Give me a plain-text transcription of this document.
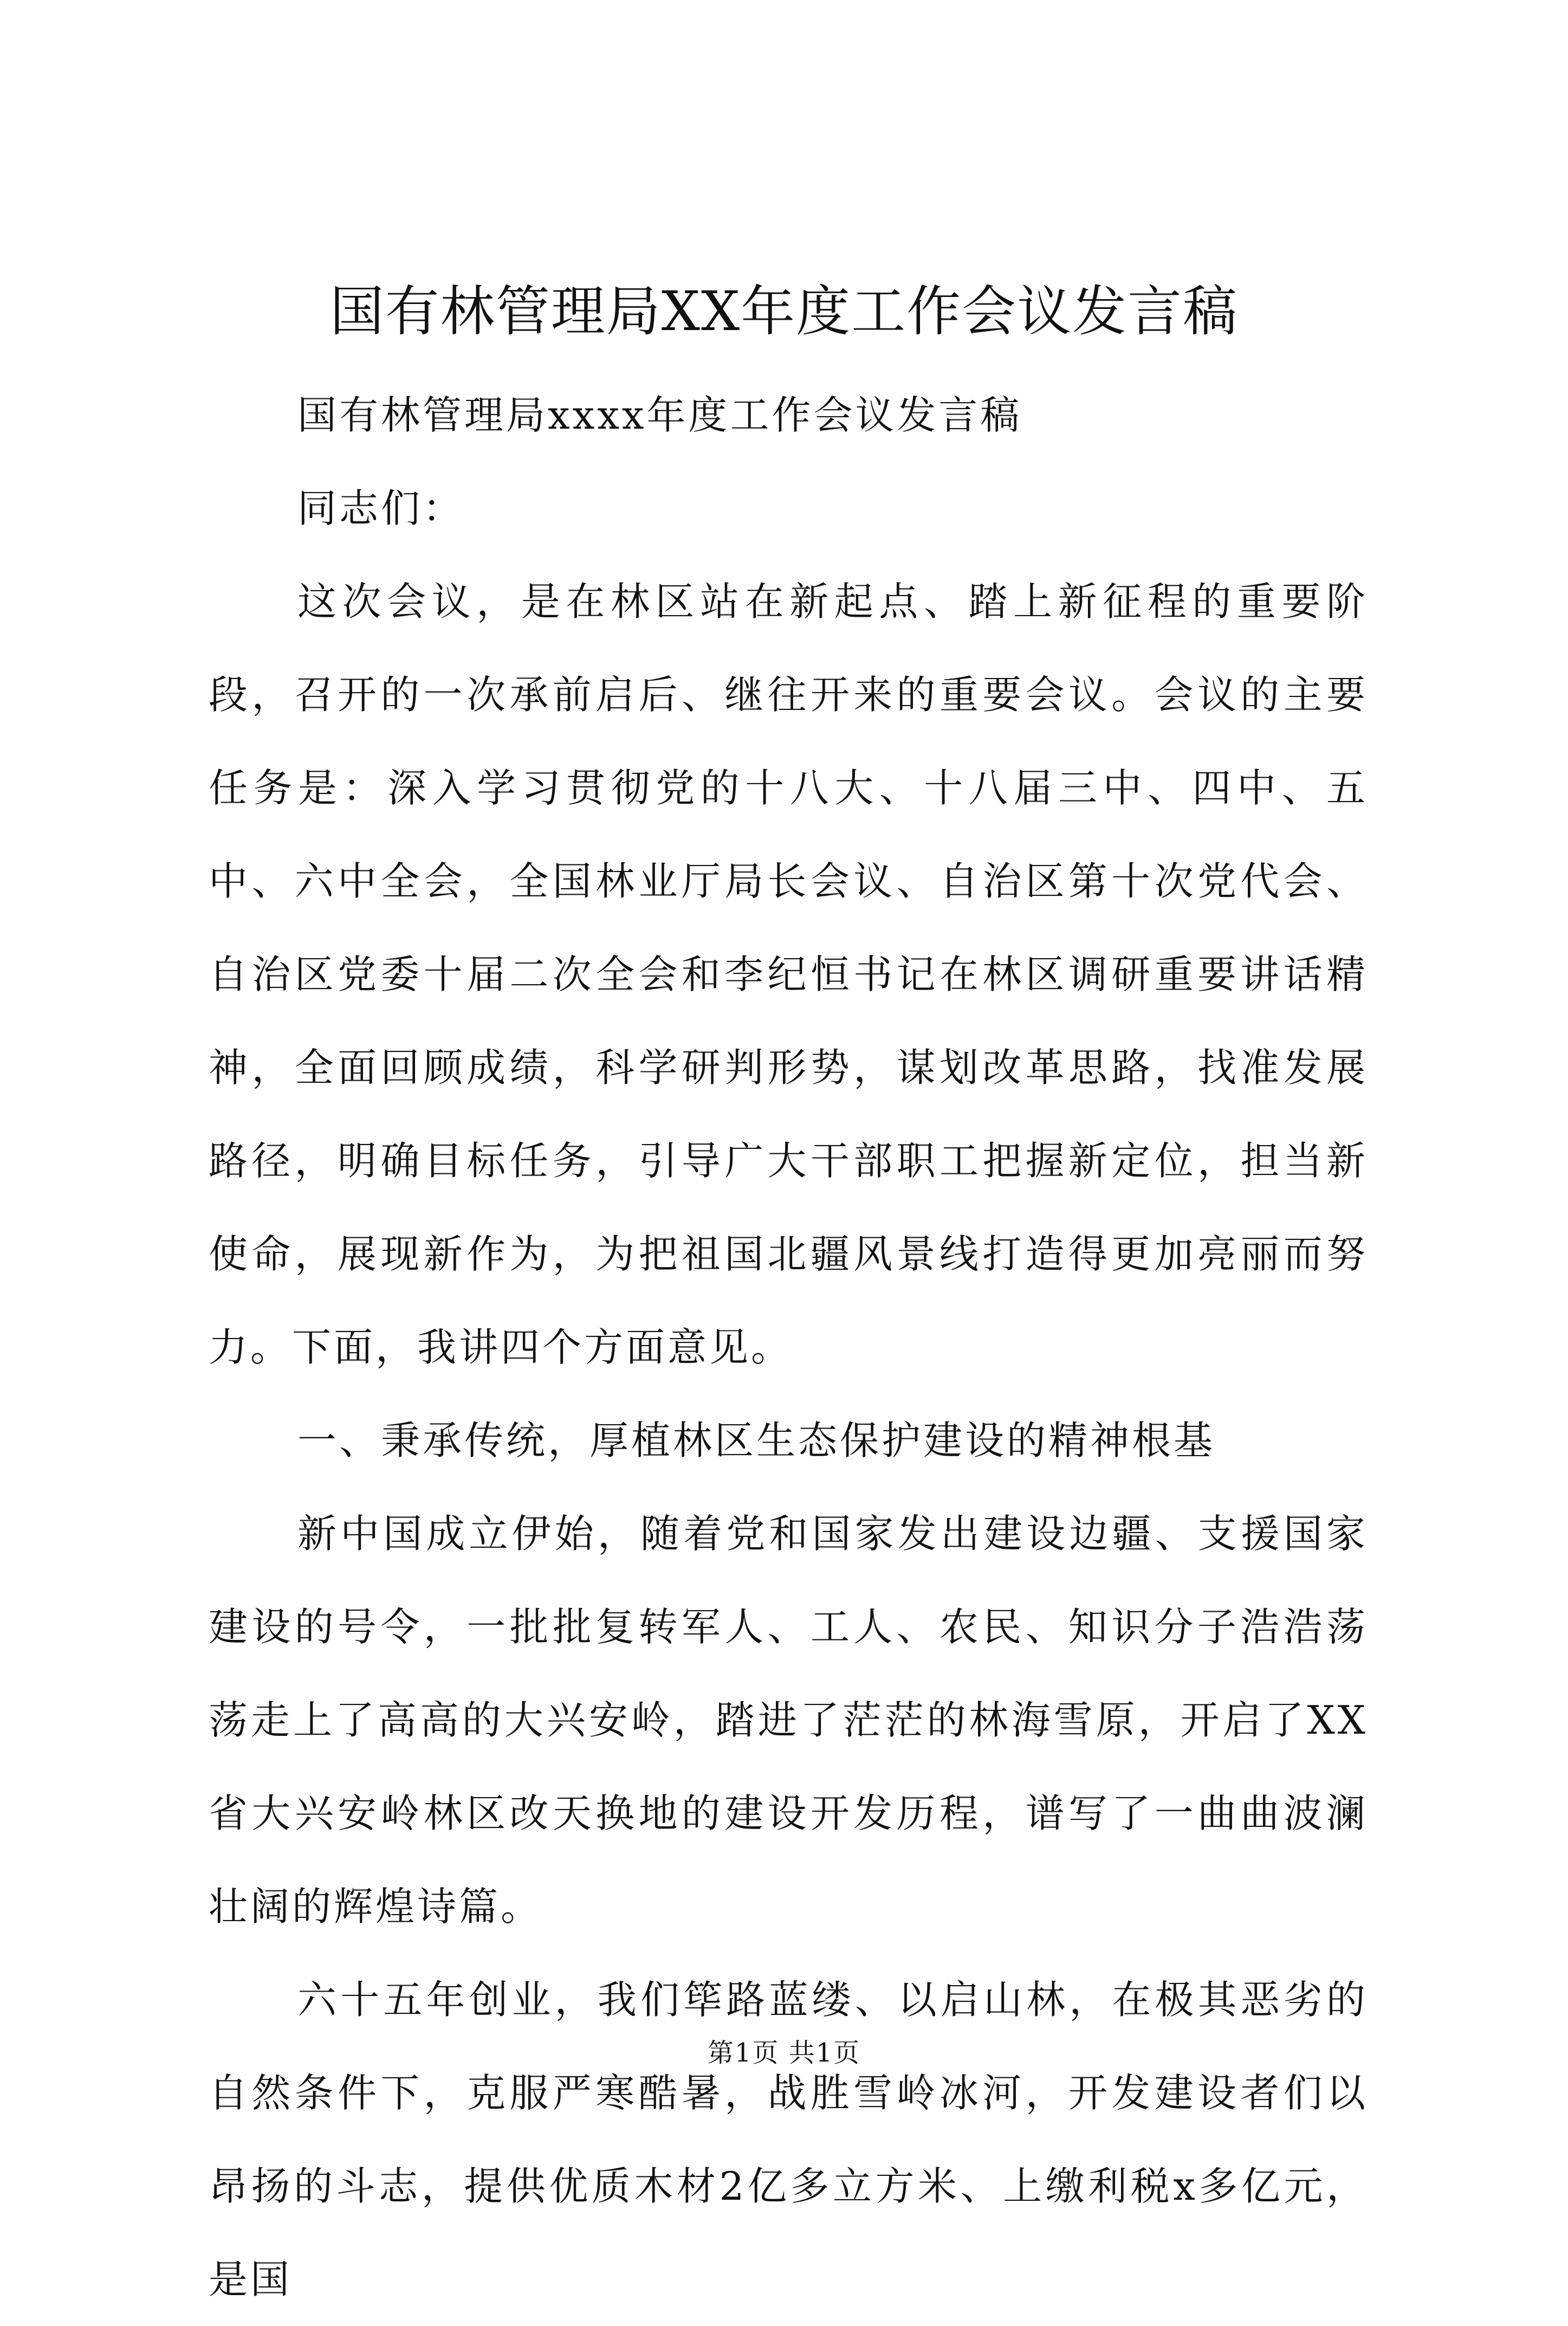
国有林管理局XX年度工作会议发言稿

国有林管理局xxxx年度工作会议发言稿

同志们：

这次会议，是在林区站在新起点、踏上新征程的重要阶段，召开的一次承前启后、继往开来的重要会议。会议的主要任务是：深入学习贯彻党的十八大、十八届三中、四中、五中、六中全会，全国林业厅局长会议、自治区第十次党代会、自治区党委十届二次全会和李纪恒书记在林区调研重要讲话精神，全面回顾成绩，科学研判形势，谋划改革思路，找准发展路径，明确目标任务，引导广大干部职工把握新定位，担当新使命，展现新作为，为把祖国北疆风景线打造得更加亮丽而努力。下面，我讲四个方面意见。

一、秉承传统，厚植林区生态保护建设的精神根基

新中国成立伊始，随着党和国家发出建设边疆、支援国家建设的号令，一批批复转军人、工人、农民、知识分子浩浩荡荡走上了高高的大兴安岭，踏进了茫茫的林海雪原，开启了XX省大兴安岭林区改天换地的建设开发历程，谱写了一曲曲波澜壮阔的辉煌诗篇。

六十五年创业，我们筚路蓝缕、以启山林，在极其恶劣的自然条件下，克服严寒酷暑，战胜雪岭冰河，开发建设者们以昂扬的斗志，提供优质木材2亿多立方米、上缴利税x多亿元，是国

第1页 共1页
